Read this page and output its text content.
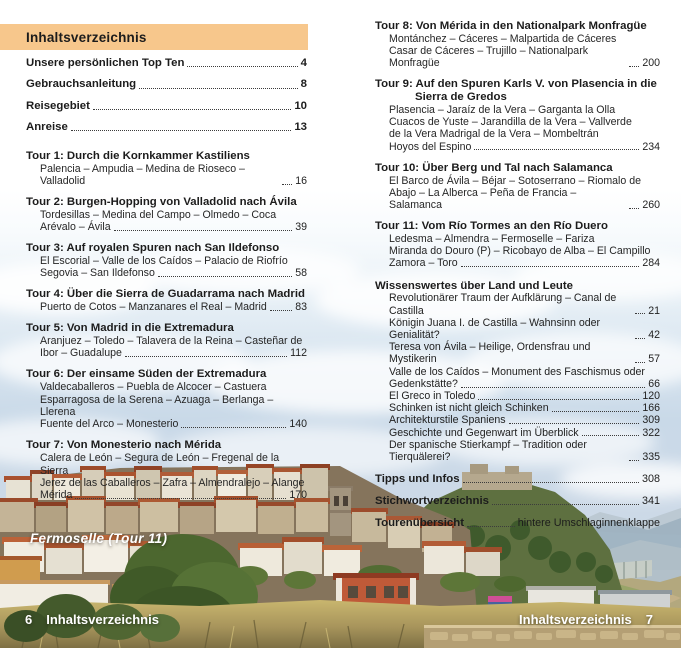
Inhaltsverzeichnis
Unsere persönlichen Top Ten	4
Gebrauchsanleitung	8
Reisegebiet	10
Anreise	13
Tour 1: Durch die Kornkammer Kastiliens
Palencia – Ampudia – Medina de Rioseco – Valladolid	16
Tour 2: Burgen-Hopping von Valladolid nach Ávila
Tordesillas – Medina del Campo – Olmedo – Coca
Arévalo – Ávila	39
Tour 3: Auf royalen Spuren nach San Ildefonso
El Escorial – Valle de los Caídos – Palacio de Riofrío
Segovia – San Ildefonso	58
Tour 4: Über die Sierra de Guadarrama nach Madrid
Puerto de Cotos – Manzanares el Real – Madrid	83
Tour 5: Von Madrid in die Extremadura
Aranjuez – Toledo – Talavera de la Reina – Casteñar de
Ibor – Guadalupe	112
Tour 6: Der einsame Süden der Extremadura
Valdecaballeros – Puebla de Alcocer – Castuera
Esparragosa de la Serena – Azuaga – Berlanga – Llerena
Fuente del Arco – Monesterio	140
Tour 7: Von Monesterio nach Mérida
Calera de León – Segura de León – Fregenal de la Sierra
Jerez de las Caballeros – Zafra – Almendralejo – Alange
Mérida	170
Tour 8: Von Mérida in den Nationalpark Monfragüe
Montánchez – Cáceres – Malpartida de Cáceres
Casar de Cáceres – Trujillo – Nationalpark Monfragüe	200
Tour 9: Auf den Spuren Karls V. von Plasencia in die
Sierra de Gredos
Plasencia – Jaraíz de la Vera – Garganta la Olla
Cuacos de Yuste – Jarandilla de la Vera – Vallverde
de la Vera Madrigal de la Vera – Mombeltrán
Hoyos del Espino	234
Tour 10: Über Berg und Tal nach Salamanca
El Barco de Ávila – Béjar – Sotoserrano – Riomalo de
Abajo – La Alberca – Peña de Francia – Salamanca	260
Tour 11: Vom Río Tormes an den Río Duero
Ledesma – Almendra – Fermoselle – Fariza
Miranda do Douro (P) – Ricobayo de Alba – El Campillo
Zamora – Toro	284
Wissenswertes über Land und Leute
Revolutionärer Traum der Aufklärung – Canal de Castilla	21
Königin Juana I. de Castilla – Wahnsinn oder Genialität?	42
Teresa von Ávila – Heilige, Ordensfrau und Mystikerin	57
Valle de los Caídos – Monument des Faschismus oder
Gedenkstätte?	66
El Greco in Toledo	120
Schinken ist nicht gleich Schinken	166
Architekturstile Spaniens	309
Geschichte und Gegenwart im Überblick	322
Der spanische Stierkampf – Tradition oder Tierquälerei?	335
Tipps und Infos	308
Stichwortverzeichnis	341
Tourenübersicht	hintere Umschlaginnenklappe
Fermoselle (Tour 11)
6 Inhaltsverzeichnis	Inhaltsverzeichnis 7
